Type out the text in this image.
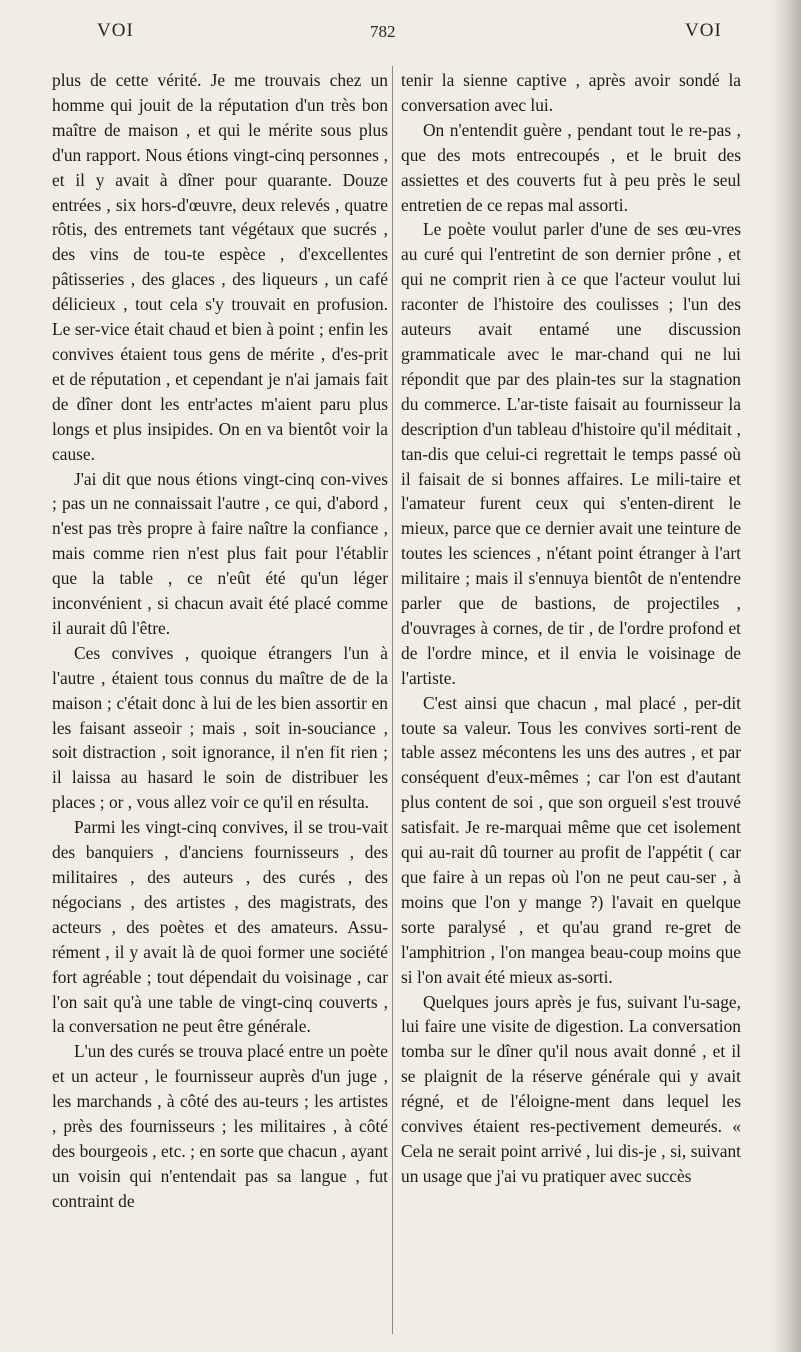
VOI	782	VOI

plus de cette vérité. Je me trouvais chez un homme qui jouit de la réputation d'un très bon maître de maison , et qui le mérite sous plus d'un rapport. Nous étions vingt-cinq personnes , et il y avait à dîner pour quarante. Douze entrées , six hors-d'œuvre, deux relevés , quatre rôtis, des entremets tant végétaux que sucrés , des vins de tou-te espèce , d'excellentes pâtisseries , des glaces , des liqueurs , un café délicieux , tout cela s'y trouvait en profusion. Le ser-vice était chaud et bien à point ; enfin les convives étaient tous gens de mérite , d'es-prit et de réputation , et cependant je n'ai jamais fait de dîner dont les entr'actes m'aient paru plus longs et plus insipides. On en va bientôt voir la cause.

J'ai dit que nous étions vingt-cinq con-vives ; pas un ne connaissait l'autre , ce qui, d'abord , n'est pas très propre à faire naître la confiance , mais comme rien n'est plus fait pour l'établir que la table , ce n'eût été qu'un léger inconvénient , si chacun avait été placé comme il aurait dû l'être.

Ces convives , quoique étrangers l'un à l'autre , étaient tous connus du maître de de la maison ; c'était donc à lui de les bien assortir en les faisant asseoir ; mais , soit in-souciance , soit distraction , soit ignorance, il n'en fit rien ; il laissa au hasard le soin de distribuer les places ; or , vous allez voir ce qu'il en résulta.

Parmi les vingt-cinq convives, il se trou-vait des banquiers , d'anciens fournisseurs , des militaires , des auteurs , des curés , des négocians , des artistes , des magistrats, des acteurs , des poètes et des amateurs. Assu-rément , il y avait là de quoi former une société fort agréable ; tout dépendait du voisinage , car l'on sait qu'à une table de vingt-cinq couverts , la conversation ne peut être générale.

L'un des curés se trouva placé entre un poète et un acteur , le fournisseur auprès d'un juge , les marchands , à côté des au-teurs ; les artistes , près des fournisseurs ; les militaires , à côté des bourgeois , etc. ; en sorte que chacun , ayant un voisin qui n'entendait pas sa langue , fut contraint de

tenir la sienne captive , après avoir sondé la conversation avec lui.

On n'entendit guère , pendant tout le re-pas , que des mots entrecoupés , et le bruit des assiettes et des couverts fut à peu près le seul entretien de ce repas mal assorti.

Le poète voulut parler d'une de ses œu-vres au curé qui l'entretint de son dernier prône , et qui ne comprit rien à ce que l'acteur voulut lui raconter de l'histoire des coulisses ; l'un des auteurs avait entamé une discussion grammaticale avec le mar-chand qui ne lui répondit que par des plain-tes sur la stagnation du commerce. L'ar-tiste faisait au fournisseur la description d'un tableau d'histoire qu'il méditait , tan-dis que celui-ci regrettait le temps passé où il faisait de si bonnes affaires. Le mili-taire et l'amateur furent ceux qui s'enten-dirent le mieux, parce que ce dernier avait une teinture de toutes les sciences , n'étant point étranger à l'art militaire ; mais il s'ennuya bientôt de n'entendre parler que de bastions, de projectiles , d'ouvrages à cornes, de tir , de l'ordre profond et de l'ordre mince, et il envia le voisinage de l'artiste.

C'est ainsi que chacun , mal placé , per-dit toute sa valeur. Tous les convives sorti-rent de table assez mécontens les uns des autres , et par conséquent d'eux-mêmes ; car l'on est d'autant plus content de soi , que son orgueil s'est trouvé satisfait. Je re-marquai même que cet isolement qui au-rait dû tourner au profit de l'appétit ( car que faire à un repas où l'on ne peut cau-ser , à moins que l'on y mange ?) l'avait en quelque sorte paralysé , et qu'au grand re-gret de l'amphitrion , l'on mangea beau-coup moins que si l'on avait été mieux as-sorti.

Quelques jours après je fus, suivant l'u-sage, lui faire une visite de digestion. La conversation tomba sur le dîner qu'il nous avait donné , et il se plaignit de la réserve générale qui y avait régné, et de l'éloigne-ment dans lequel les convives étaient res-pectivement demeurés. « Cela ne serait point arrivé , lui dis-je , si, suivant un usage que j'ai vu pratiquer avec succès
